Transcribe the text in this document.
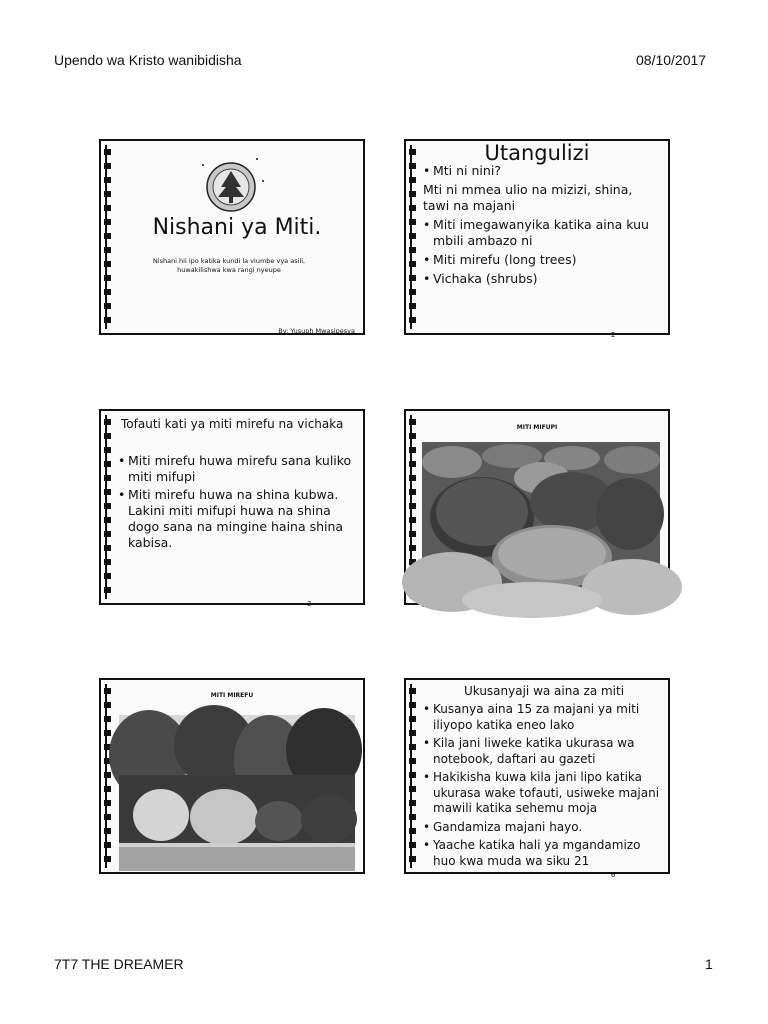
Upendo wa Kristo wanibidisha	08/10/2017
Nishani ya Miti.
Nishani hii ipo katika kundi la viumbe vya asili, huwakilishwa kwa rangi nyeupe
By: Yusuph Mwasipesya
Utangulizi

• Mti ni nini?

Mti ni mmea ulio na mizizi, shina, tawi na majani

• Miti imegawanyika katika aina kuu mbili ambazo ni

• Miti mirefu (long trees)

• Vichaka (shrubs)

2
Tofauti kati ya miti mirefu na vichaka

• Miti mirefu huwa mirefu sana kuliko miti mifupi

• Miti mirefu huwa na shina kubwa. Lakini miti mifupi huwa na shina dogo sana na mingine haina shina kabisa.

3
MITI MIFUPI
MITI MIREFU	Ukusanyaji wa aina za miti

• Kusanya aina 15 za majani ya miti iliyopo katika eneo lako

• Kila jani liweke katika ukurasa wa notebook, daftari au gazeti

• Hakikisha kuwa kila jani lipo katika ukurasa wake tofauti, usiweke majani mawili katika sehemu moja

• Gandamiza majani hayo.

• Yaache katika hali ya mgandamizo huo kwa muda wa siku 21

6
7T7 THE DREAMER	1
